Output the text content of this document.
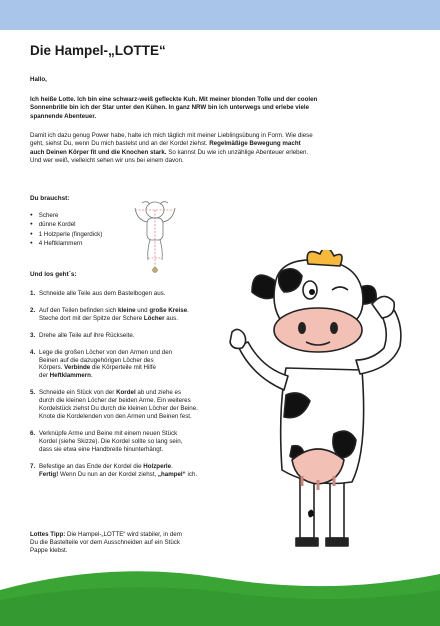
Die Hampel-„LOTTE“

Hallo,

Ich heiße Lotte. Ich bin eine schwarz-weiß gefleckte Kuh. Mit meiner blonden Tolle und der coolen
Sonnenbrille bin ich der Star unter den Kühen. In ganz NRW bin ich unterwegs und erlebe viele
spannende Abenteuer.

Damit ich dazu genug Power habe, halte ich mich täglich mit meiner Lieblingsübung in Form. Wie diese
geht, siehst Du, wenn Du mich bastelst und an der Kordel ziehst. Regelmäßige Bewegung macht
auch Deinen Körper fit und die Knochen stark. So kannst Du wie ich unzählige Abenteuer erleben.
Und wer weiß, vielleicht sehen wir uns bei einem davon.

Du brauchst:

● Schere
● dünne Kordel
● 1 Holzperle (fingerdick)
● 4 Heftklammern

Und los geht´s:

1. Schneide alle Teile aus dem Bastelbogen aus.
2. Auf den Teilen befinden sich kleine und große Kreise.
Steche dort mit der Spitze der Schere Löcher aus.
3. Drehe alle Teile auf ihre Rückseite.
4. Lege die großen Löcher von den Armen und den
Beinen auf die dazugehörigen Löcher des
Körpers. Verbinde die Körperteile mit Hilfe
der Heftklammern.
5. Schneide ein Stück von der Kordel ab und ziehe es
durch die kleinen Löcher der beiden Arme. Ein weiteres
Kordelstück ziehst Du durch die kleinen Löcher der Beine.
Knote die Kordelenden von den Armen und Beinen fest.
6. Verknüpfe Arme und Beine mit einem neuen Stück
Kordel (siehe Skizze). Die Kordel sollte so lang sein,
dass sie etwa eine Handbreite hinunterhängt.
7. Befestige an das Ende der Kordel die Holzperle.
Fertig! Wenn Du nun an der Kordel ziehst, „hampel“ ich.

Lottes Tipp: Die Hampel-„LOTTE“ wird stabiler, in dem
Du die Bastelteile vor dem Ausschneiden auf ein Stück
Pappe klebst.
